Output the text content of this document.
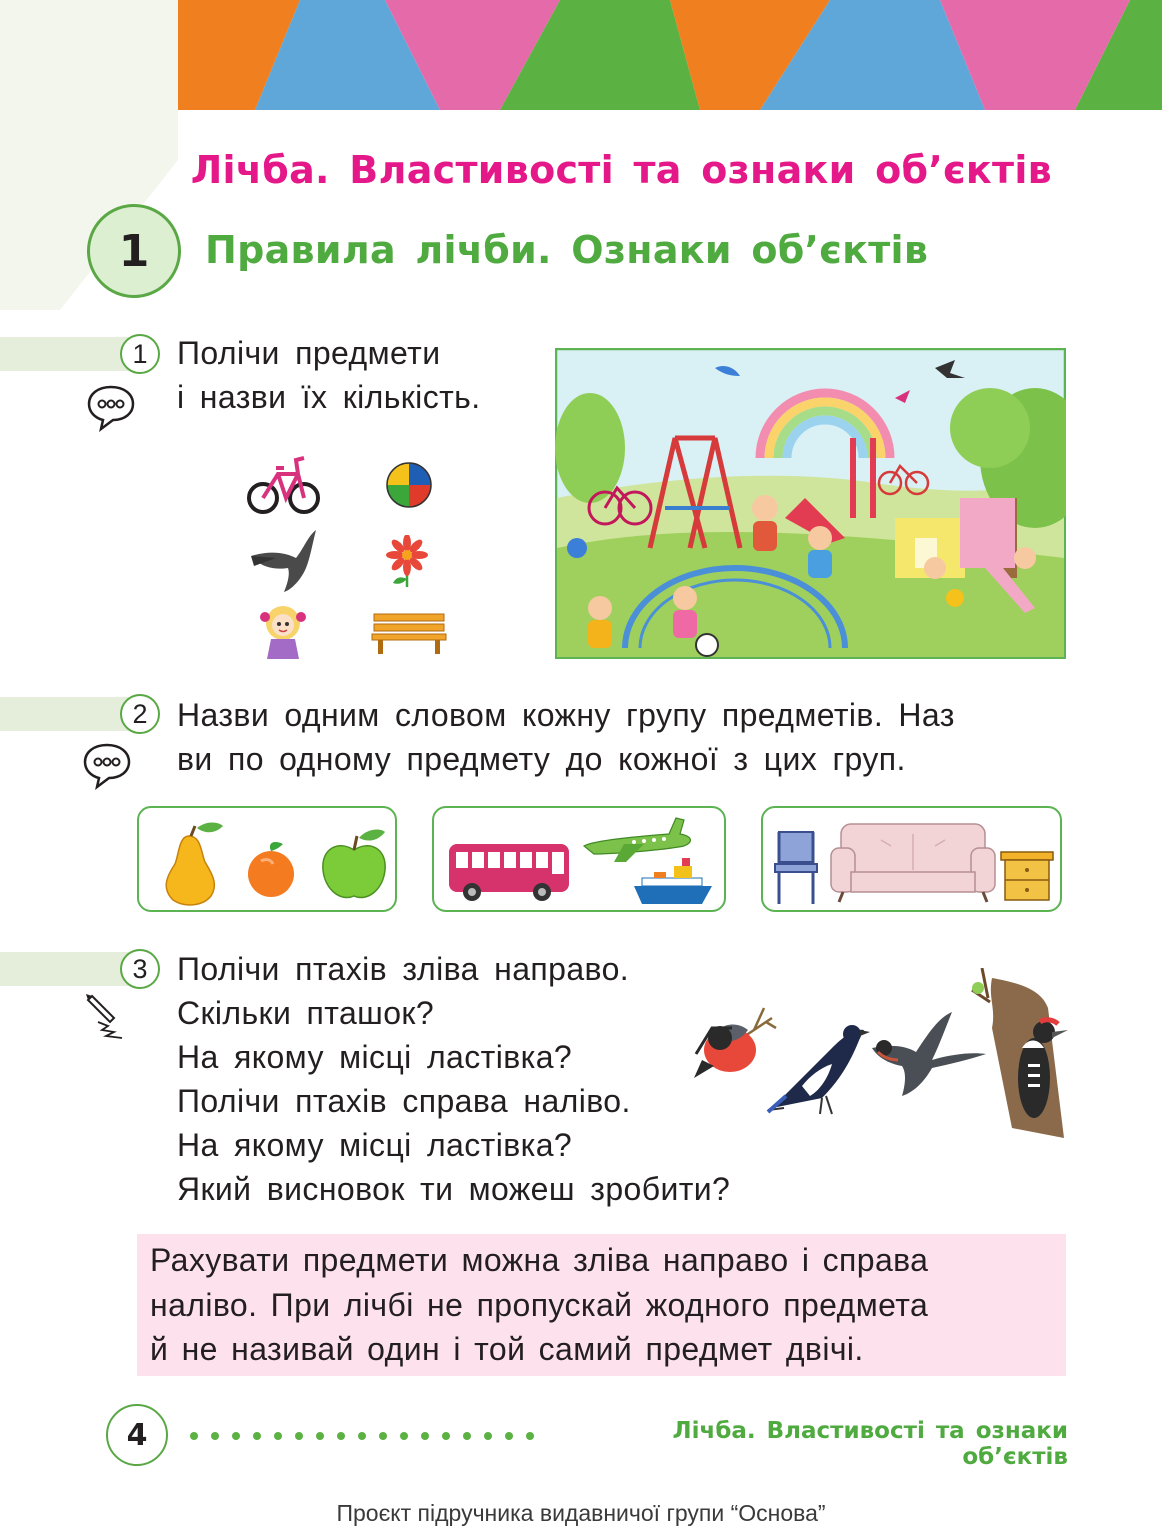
Лічба. Властивості та ознаки об’єктів
1	Правила лічби. Ознаки об’єктів
1 Полічи предмети
і назви їх кількість.
2 Назви одним словом кожну групу предметів. Наз
ви по одному предмету до кожної з цих груп.
3 Полічи птахів зліва направо.
Скільки пташок?
На якому місці ластівка?
Полічи птахів справа наліво.
На якому місці ластівка?
Який висновок ти можеш зробити?
Рахувати предмети можна зліва направо і справа
наліво. При лічбі не пропускай жодного предмета
й не називай один і той самий предмет двічі.
4	Лічба. Властивості та ознаки об’єктів
Проєкт підручника видавничої групи “Основа”
